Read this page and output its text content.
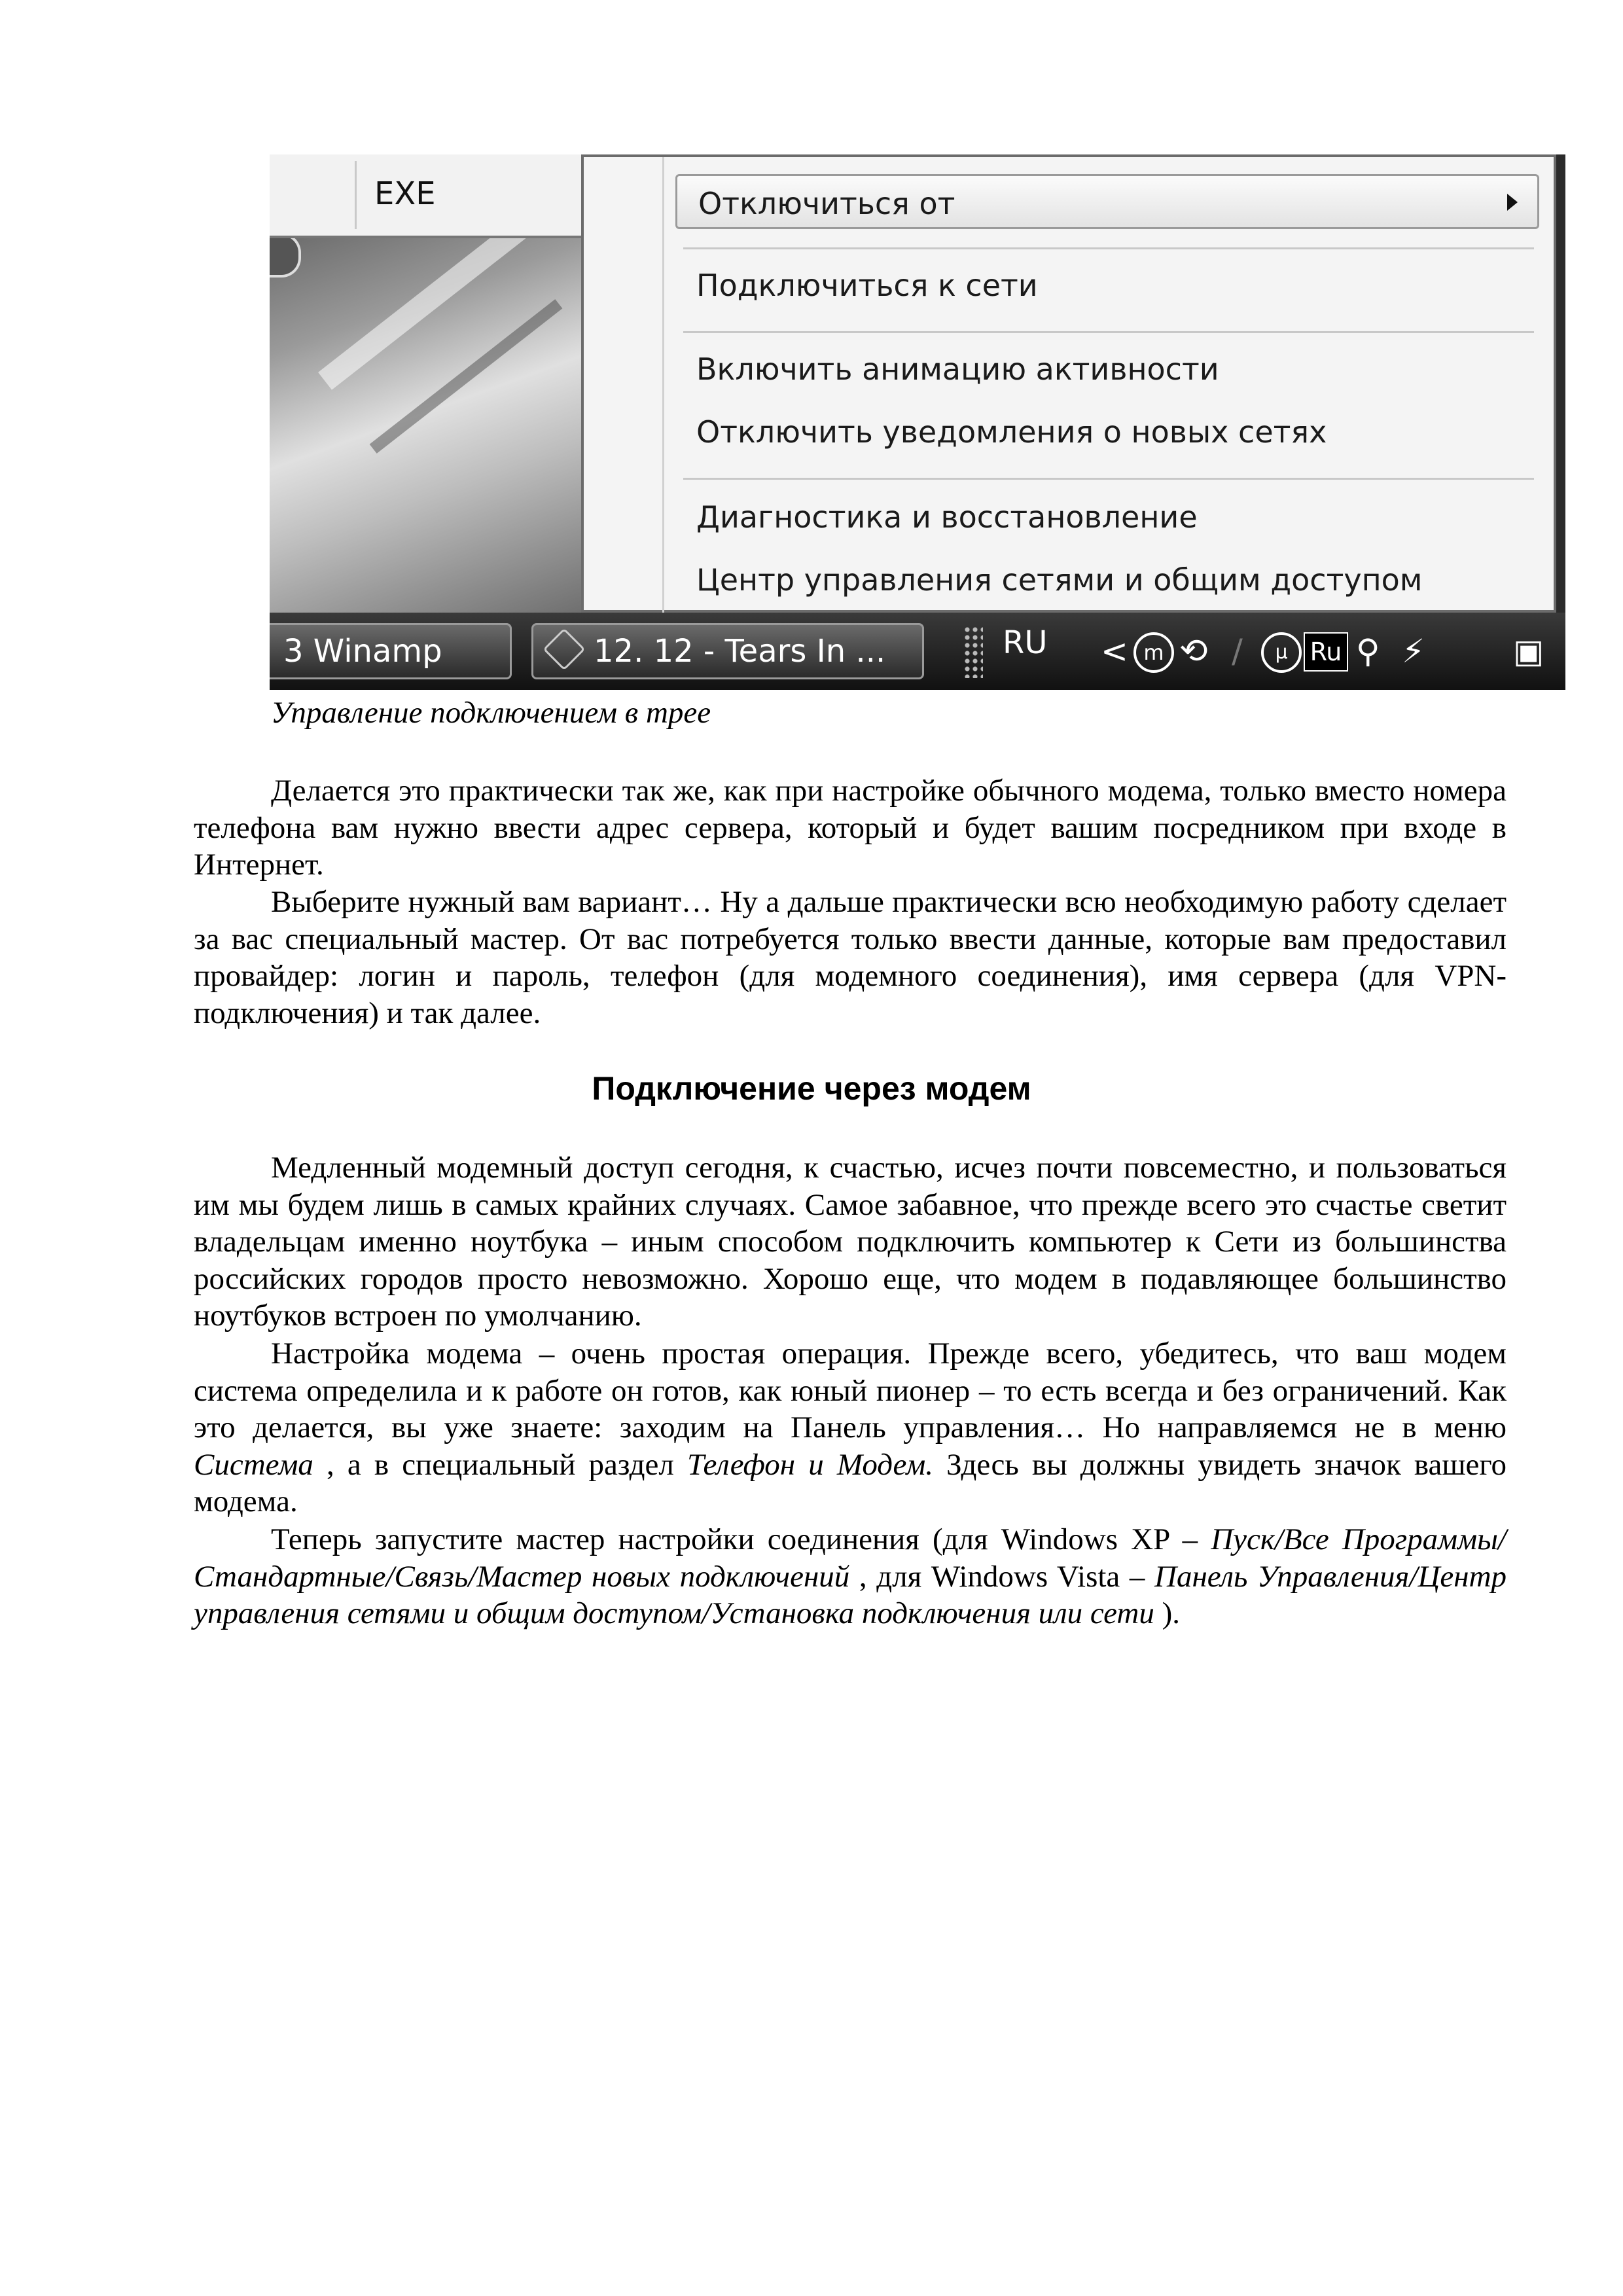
EXE	Отключиться от
Подключиться к сети
Включить анимацию активности
Отключить уведомления о новых сетях
Диагностика и восстановление
Центр управления сетями и общим доступом
3 Winamp	12. 12 - Tears In ...	RU < m ⟲ /	μ Ru ⚲ ⚡	▣
Управление подключением в трее
Делается это практически так же, как при настройке обычного модема, только вместо номера телефона вам нужно ввести адрес сервера, который и будет вашим посредником при входе в Интернет.
Выберите нужный вам вариант… Ну а дальше практически всю необходимую работу сделает за вас специальный мастер. От вас потребуется только ввести данные, которые вам предоставил провайдер: логин и пароль, телефон (для модемного соединения), имя сервера (для VPN-подключения) и так далее.
Подключение через модем
Медленный модемный доступ сегодня, к счастью, исчез почти повсеместно, и пользоваться им мы будем лишь в самых крайних случаях. Самое забавное, что прежде всего это счастье светит владельцам именно ноутбука – иным способом подключить компьютер к Сети из большинства российских городов просто невозможно. Хорошо еще, что модем в подавляющее большинство ноутбуков встроен по умолчанию.
Настройка модема – очень простая операция. Прежде всего, убедитесь, что ваш модем система определила и к работе он готов, как юный пионер – то есть всегда и без ограничений. Как это делается, вы уже знаете: заходим на Панель управления… Но направляемся не в меню Система , а в специальный раздел Телефон и Модем. Здесь вы должны увидеть значок вашего модема.
Теперь запустите мастер настройки соединения (для Windows XP – Пуск/Все Программы/Стандартные/Связь/Мастер новых подключений , для Windows Vista – Панель Управления/Центр управления сетями и общим доступом/Установка подключения или сети ).
